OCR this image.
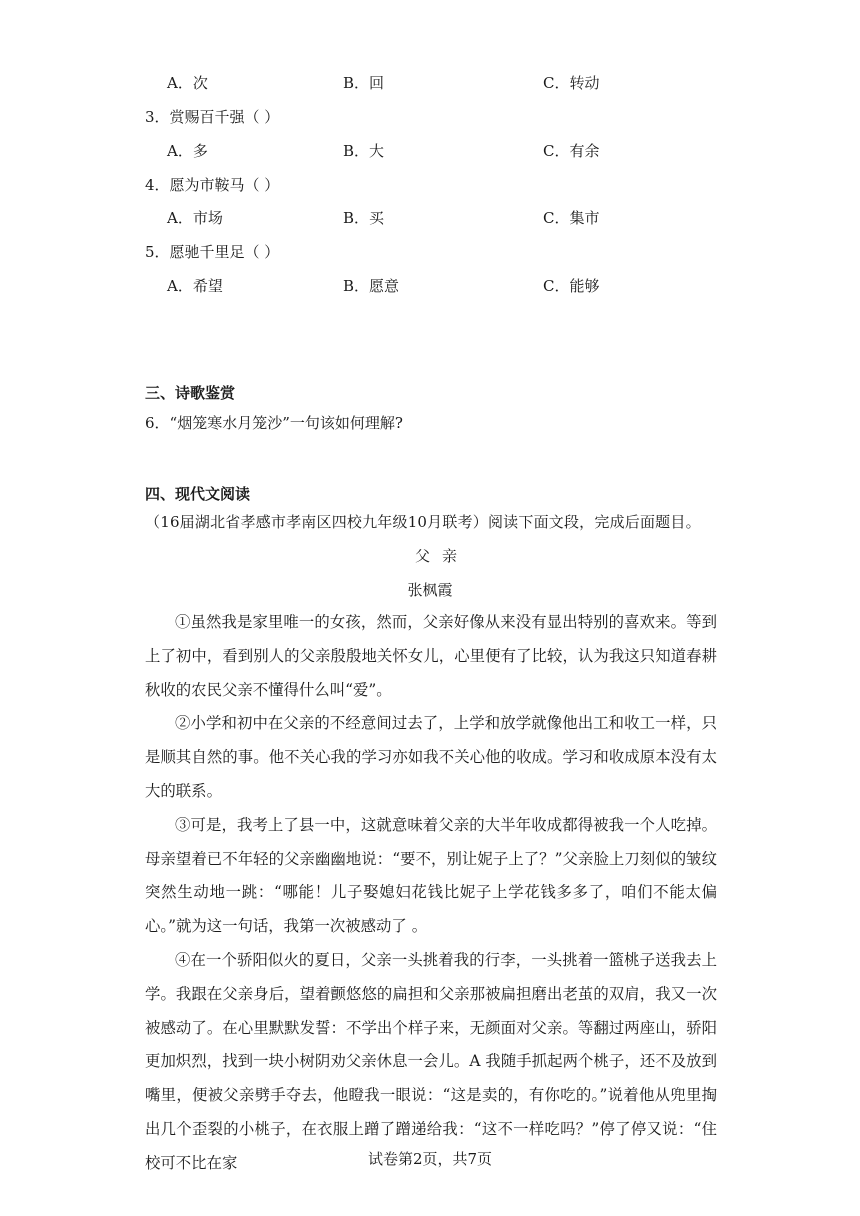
A．次	B．回	C．转动
3．赏赐百千强（ ）
A．多	B．大	C．有余
4．愿为市鞍马（ ）
A．市场	B．买	C．集市
5．愿驰千里足（ ）
A．希望	B．愿意	C．能够
三、诗歌鉴赏
6．“烟笼寒水月笼沙”一句该如何理解?
四、现代文阅读
（16届湖北省孝感市孝南区四校九年级10月联考）阅读下面文段，完成后面题目。
父亲
张枫霞

①虽然我是家里唯一的女孩，然而，父亲好像从来没有显出特别的喜欢来。等到上了初中，看到别人的父亲殷殷地关怀女儿，心里便有了比较，认为我这只知道春耕秋收的农民父亲不懂得什么叫“爱”。

②小学和初中在父亲的不经意间过去了，上学和放学就像他出工和收工一样，只是顺其自然的事。他不关心我的学习亦如我不关心他的收成。学习和收成原本没有太大的联系。

③可是，我考上了县一中，这就意味着父亲的大半年收成都得被我一个人吃掉。母亲望着已不年轻的父亲幽幽地说：“要不，别让妮子上了？”父亲脸上刀刻似的皱纹突然生动地一跳：“哪能！儿子娶媳妇花钱比妮子上学花钱多多了，咱们不能太偏心。”就为这一句话，我第一次被感动了 。

④在一个骄阳似火的夏日，父亲一头挑着我的行李，一头挑着一篮桃子送我去上学。我跟在父亲身后，望着颤悠悠的扁担和父亲那被扁担磨出老茧的双肩，我又一次被感动了。在心里默默发誓：不学出个样子来，无颜面对父亲。等翻过两座山，骄阳更加炽烈，找到一块小树阴劝父亲休息一会儿。A 我随手抓起两个桃子，还不及放到嘴里，便被父亲劈手夺去，他瞪我一眼说：“这是卖的，有你吃的。”说着他从兜里掏出几个歪裂的小桃子，在衣服上蹭了蹭递给我：“这不一样吃吗？”停了停又说：“住校可不比在家	试卷第2页，共7页
